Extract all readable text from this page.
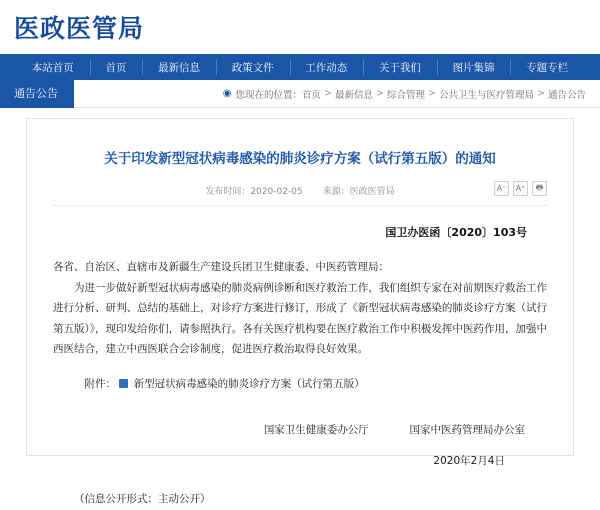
医政医管局
本站首页	首页	最新信息	政策文件	工作动态	关于我们	图片集锦	专题专栏
通告公告	◉ 您现在的位置： 首页 > 最新信息 > 综合管理 > 公共卫生与医疗管理局 > 通告公告
关于印发新型冠状病毒感染的肺炎诊疗方案（试行第五版）的通知
发布时间：2020-02-05 来源：医政医管局	A⁻	A⁺	🖶
国卫办医函〔2020〕103号
各省、自治区、直辖市及新疆生产建设兵团卫生健康委、中医药管理局：
为进一步做好新型冠状病毒感染的肺炎病例诊断和医疗救治工作，我们组织专家在对前期医疗救治工作进行分析、研判、总结的基础上，对诊疗方案进行修订，形成了《新型冠状病毒感染的肺炎诊疗方案（试行第五版）》，现印发给你们，请参照执行。各有关医疗机构要在医疗救治工作中积极发挥中医药作用，加强中西医结合，建立中西医联合会诊制度，促进医疗救治取得良好效果。
附件： 新型冠状病毒感染的肺炎诊疗方案（试行第五版）
国家卫生健康委办公厅	国家中医药管理局办公室
2020年2月4日
（信息公开形式：主动公开）
